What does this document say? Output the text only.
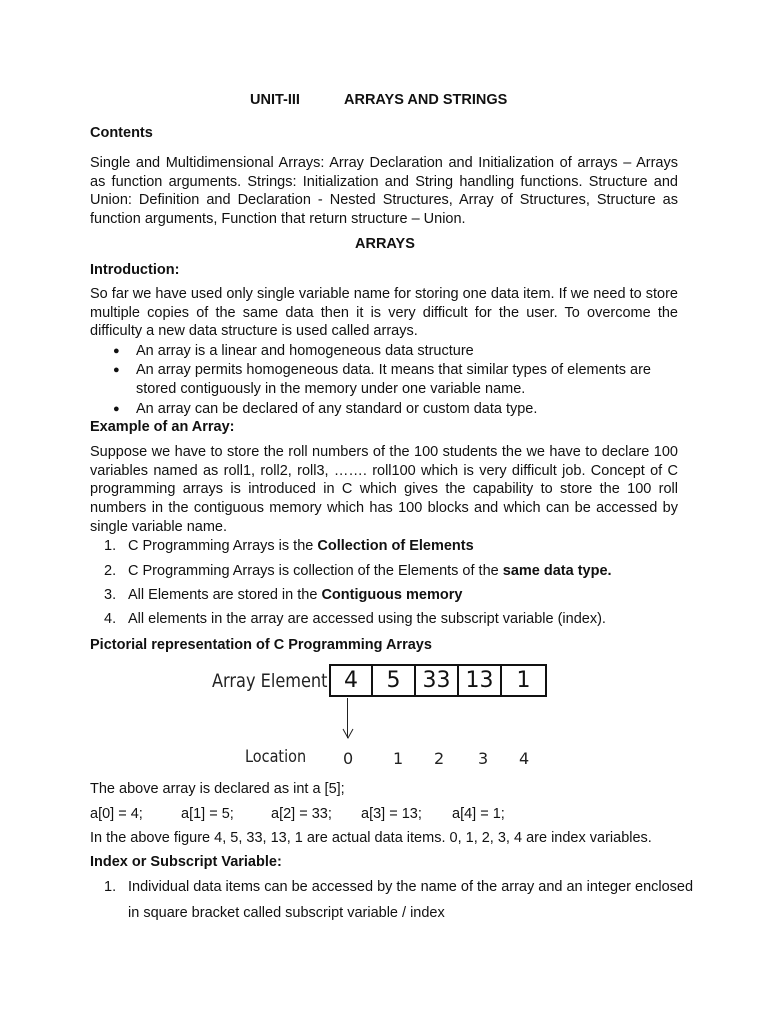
UNIT-III	ARRAYS AND STRINGS
Contents
Single and Multidimensional Arrays: Array Declaration and Initialization of arrays – Arrays as function arguments. Strings: Initialization and String handling functions. Structure and Union: Definition and Declaration - Nested Structures, Array of Structures, Structure as function arguments, Function that return structure – Union.
ARRAYS
Introduction:
So far we have used only single variable name for storing one data item. If we need to store multiple copies of the same data then it is very difficult for the user. To overcome the difficulty a new data structure is used called arrays.
● An array is a linear and homogeneous data structure
● An array permits homogeneous data. It means that similar types of elements are stored contiguously in the memory under one variable name.
● An array can be declared of any standard or custom data type.
Example of an Array:
Suppose we have to store the roll numbers of the 100 students the we have to declare 100 variables named as roll1, roll2, roll3, ……. roll100 which is very difficult job. Concept of C programming arrays is introduced in C which gives the capability to store the 100 roll numbers in the contiguous memory which has 100 blocks and which can be accessed by single variable name.
1. C Programming Arrays is the Collection of Elements
2. C Programming Arrays is collection of the Elements of the same data type.
3. All Elements are stored in the Contiguous memory
4. All elements in the array are accessed using the subscript variable (index).
Pictorial representation of C Programming Arrays
Array Element 4	5	33 13	1
Location 0 1 2 3 4
The above array is declared as int a [5];
a[0] = 4;	a[1] = 5;	a[2] = 33; a[3] = 13; a[4] = 1;
In the above figure 4, 5, 33, 13, 1 are actual data items. 0, 1, 2, 3, 4 are index variables.
Index or Subscript Variable:
1. Individual data items can be accessed by the name of the array and an integer enclosed
in square bracket called subscript variable / index
